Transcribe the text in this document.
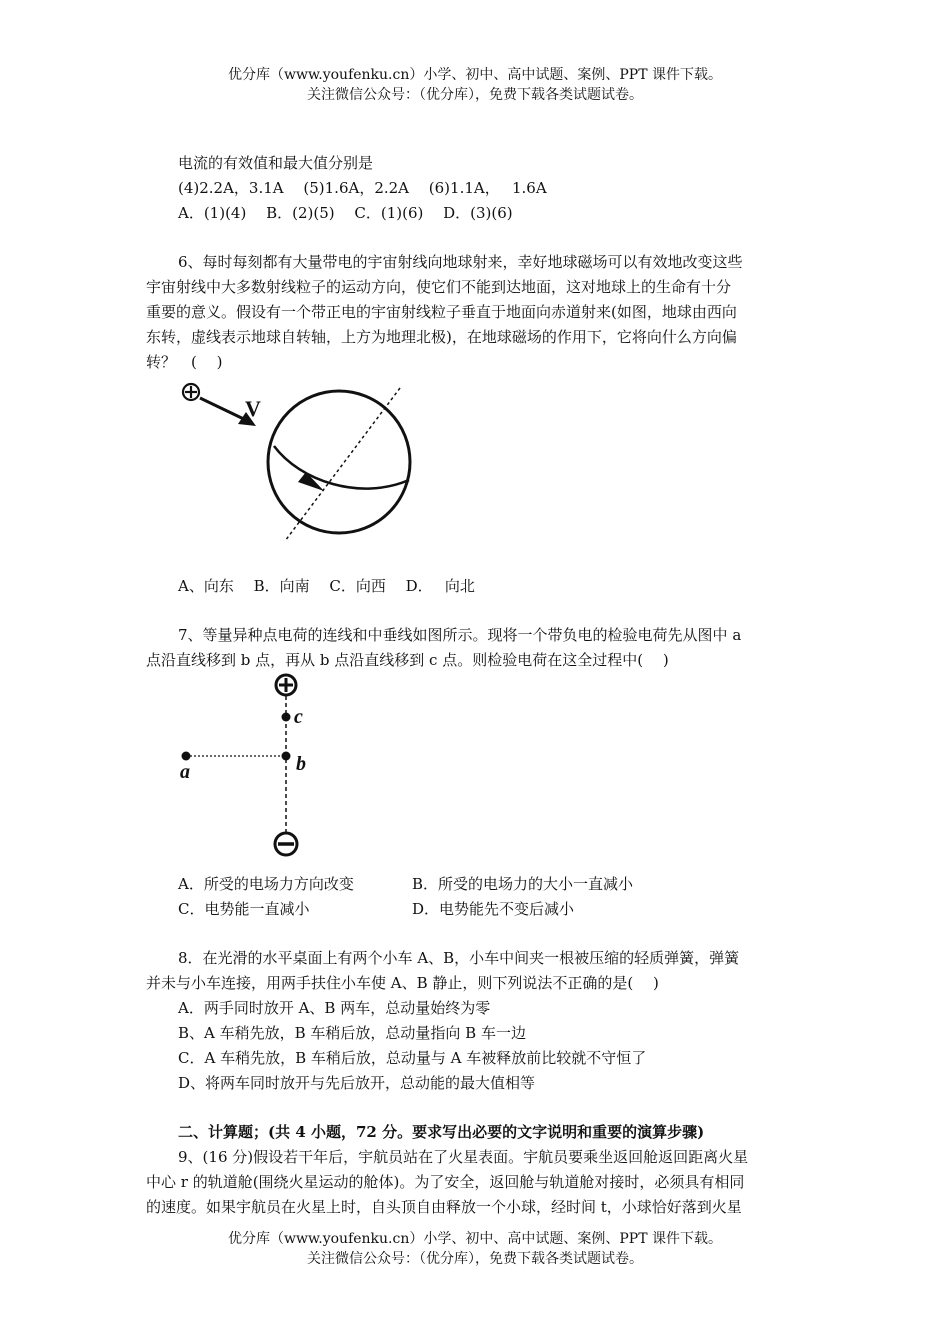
优分库（www.youfenku.cn）小学、初中、高中试题、案例、PPT 课件下载。
关注微信公众号：（优分库），免费下载各类试题试卷。
电流的有效值和最大值分别是
(4)2.2A，3.1A　 (5)1.6A，2.2A　 (6)1.1A，　 1.6A
A．(1)(4)　 B．(2)(5)　 C．(1)(6)　 D．(3)(6)
6、每时每刻都有大量带电的宇宙射线向地球射来，幸好地球磁场可以有效地改变这些
宇宙射线中大多数射线粒子的运动方向，使它们不能到达地面，这对地球上的生命有十分
重要的意义。假设有一个带正电的宇宙射线粒子垂直于地面向赤道射来(如图，地球由西向
东转，虚线表示地球自转轴，上方为地理北极)，在地球磁场的作用下，它将向什么方向偏
转？　(　 )
V
A、向东　 B．向南　 C．向西　 D．　 向北
7、等量异种点电荷的连线和中垂线如图所示。现将一个带负电的检验电荷先从图中 a
点沿直线移到 b 点，再从 b 点沿直线移到 c 点。则检验电荷在这全过程中(　 )
a	b
c
A．所受的电场力方向改变	B．所受的电场力的大小一直减小
C．电势能一直减小	D．电势能先不变后减小
8．在光滑的水平桌面上有两个小车 A、B，小车中间夹一根被压缩的轻质弹簧，弹簧
并未与小车连接，用两手扶住小车使 A、B 静止，则下列说法不正确的是(　 )
A．两手同时放开 A、B 两车，总动量始终为零
B、A 车稍先放，B 车稍后放，总动量指向 B 车一边
C．A 车稍先放，B 车稍后放，总动量与 A 车被释放前比较就不守恒了
D、将两车同时放开与先后放开，总动能的最大值相等
二、计算题；(共 4 小题，72 分。要求写出必要的文字说明和重要的演算步骤)
9、(16 分)假设若干年后，宇航员站在了火星表面。宇航员要乘坐返回舱返回距离火星
中心 r 的轨道舱(围绕火星运动的舱体)。为了安全，返回舱与轨道舱对接时，必须具有相同
的速度。如果宇航员在火星上时，自头顶自由释放一个小球，经时间 t，小球恰好落到火星
优分库（www.youfenku.cn）小学、初中、高中试题、案例、PPT 课件下载。
关注微信公众号：（优分库），免费下载各类试题试卷。
